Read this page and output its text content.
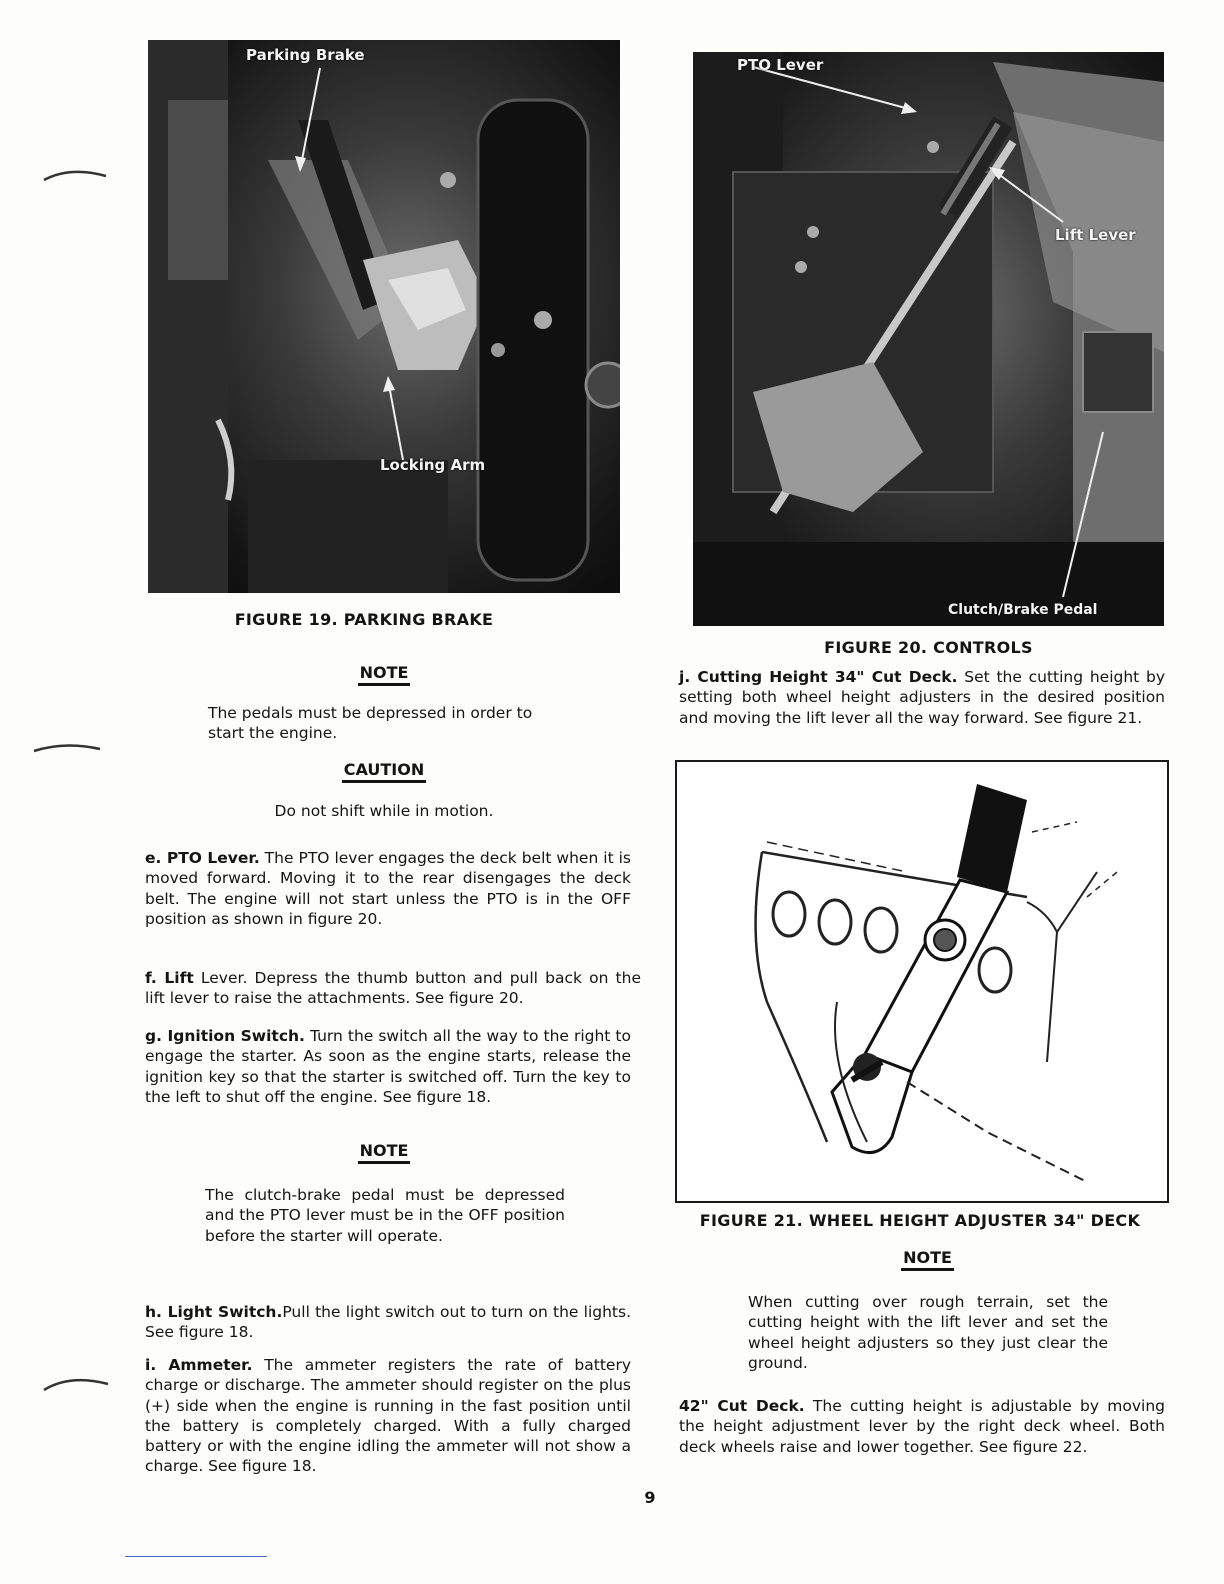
Parking Brake
Locking Arm
FIGURE 19. PARKING BRAKE
PTO Lever
Lift Lever
Clutch/Brake Pedal
FIGURE 20. CONTROLS
NOTE

The pedals must be depressed in order to start the engine.

CAUTION

Do not shift while in motion.

e. PTO Lever. The PTO lever engages the deck belt when it is moved forward. Moving it to the rear disengages the deck belt. The engine will not start unless the PTO is in the OFF position as shown in figure 20.

f. Lift Lever. Depress the thumb button and pull back on the lift lever to raise the attachments. See figure 20.

g. Ignition Switch. Turn the switch all the way to the right to engage the starter. As soon as the engine starts, release the ignition key so that the starter is switched off. Turn the key to the left to shut off the engine. See figure 18.

NOTE

The clutch-brake pedal must be depressed and the PTO lever must be in the OFF position before the starter will operate.

h. Light Switch.Pull the light switch out to turn on the lights. See figure 18.

i. Ammeter. The ammeter registers the rate of battery charge or discharge. The ammeter should register on the plus (+) side when the engine is running in the fast position until the battery is completely charged. With a fully charged battery or with the engine idling the ammeter will not show a charge. See figure 18.

j. Cutting Height 34" Cut Deck. Set the cutting height by setting both wheel height adjusters in the desired position and moving the lift lever all the way forward. See figure 21.

FIGURE 21. WHEEL HEIGHT ADJUSTER 34" DECK
NOTE

When cutting over rough terrain, set the cutting height with the lift lever and set the wheel height adjusters so they just clear the ground.

42" Cut Deck. The cutting height is adjustable by moving the height adjustment lever by the right deck wheel. Both deck wheels raise and lower together. See figure 22.

9
